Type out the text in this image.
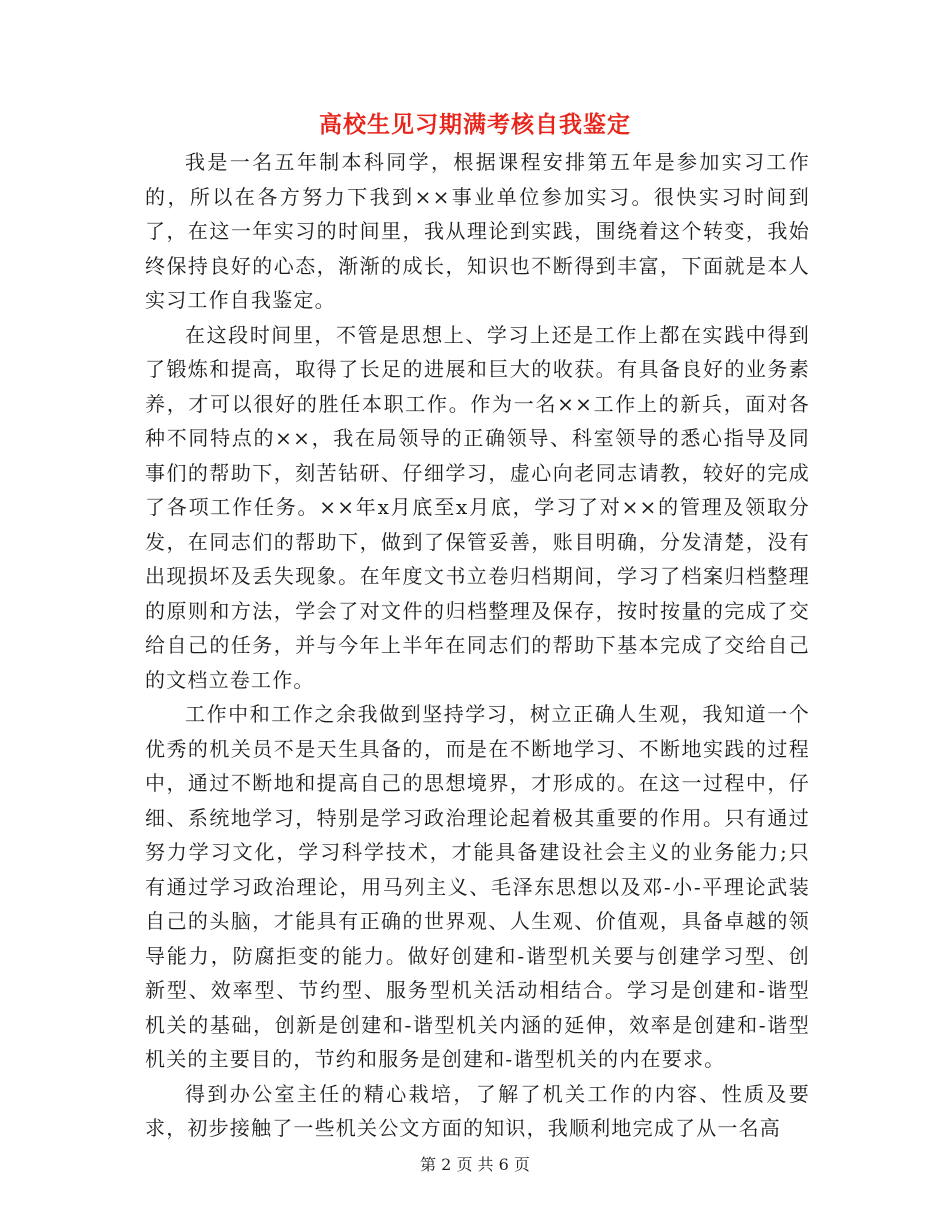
高校生见习期满考核自我鉴定

我是一名五年制本科同学，根据课程安排第五年是参加实习工作的，所以在各方努力下我到××事业单位参加实习。很快实习时间到了，在这一年实习的时间里，我从理论到实践，围绕着这个转变，我始终保持良好的心态，渐渐的成长，知识也不断得到丰富，下面就是本人实习工作自我鉴定。

在这段时间里，不管是思想上、学习上还是工作上都在实践中得到了锻炼和提高，取得了长足的进展和巨大的收获。有具备良好的业务素养，才可以很好的胜任本职工作。作为一名××工作上的新兵，面对各种不同特点的××，我在局领导的正确领导、科室领导的悉心指导及同事们的帮助下，刻苦钻研、仔细学习，虚心向老同志请教，较好的完成了各项工作任务。××年x月底至x月底，学习了对××的管理及领取分发，在同志们的帮助下，做到了保管妥善，账目明确，分发清楚，没有出现损坏及丢失现象。在年度文书立卷归档期间，学习了档案归档整理的原则和方法，学会了对文件的归档整理及保存，按时按量的完成了交给自己的任务，并与今年上半年在同志们的帮助下基本完成了交给自己的文档立卷工作。

工作中和工作之余我做到坚持学习，树立正确人生观，我知道一个优秀的机关员不是天生具备的，而是在不断地学习、不断地实践的过程中，通过不断地和提高自己的思想境界，才形成的。在这一过程中，仔细、系统地学习，特别是学习政治理论起着极其重要的作用。只有通过努力学习文化，学习科学技术，才能具备建设社会主义的业务能力;只有通过学习政治理论，用马列主义、毛泽东思想以及邓-小-平理论武装自己的头脑，才能具有正确的世界观、人生观、价值观，具备卓越的领导能力，防腐拒变的能力。做好创建和-谐型机关要与创建学习型、创新型、效率型、节约型、服务型机关活动相结合。学习是创建和-谐型机关的基础，创新是创建和-谐型机关内涵的延伸，效率是创建和-谐型机关的主要目的，节约和服务是创建和-谐型机关的内在要求。

得到办公室主任的精心栽培，了解了机关工作的内容、性质及要求，初步接触了一些机关公文方面的知识，我顺利地完成了从一名高

第 2 页 共 6 页
